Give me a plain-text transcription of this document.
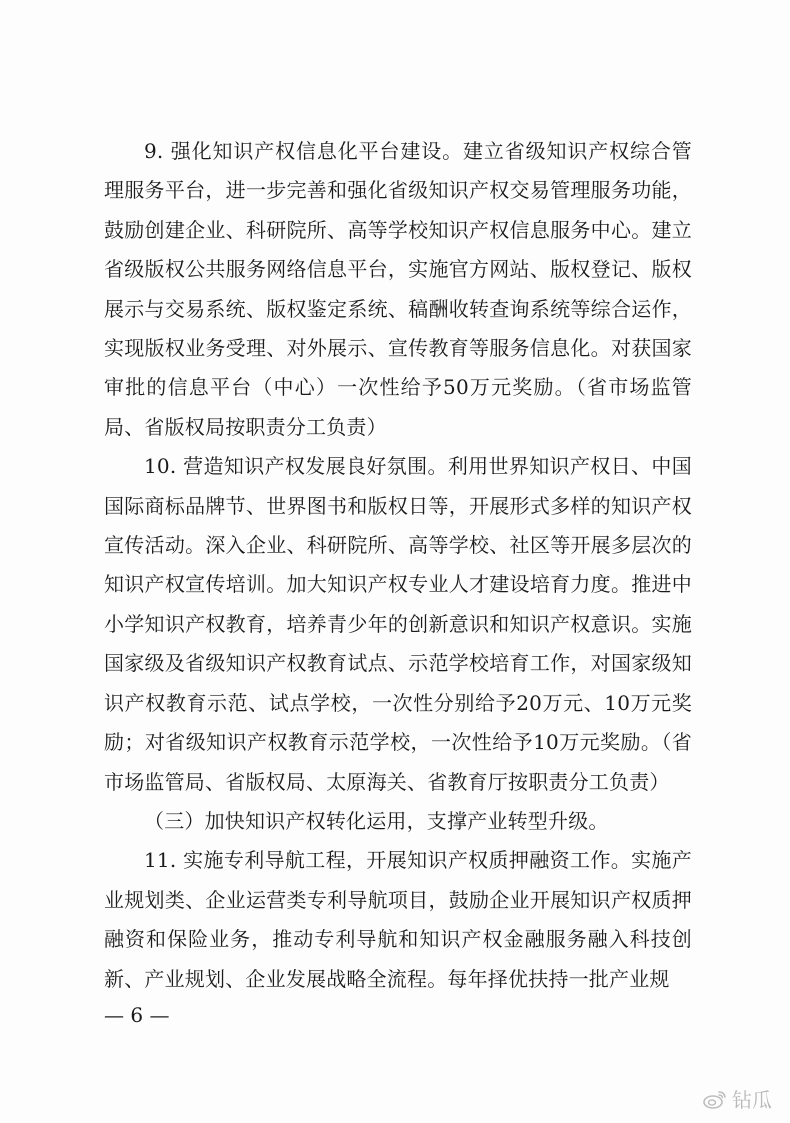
9. 强化知识产权信息化平台建设。建立省级知识产权综合管理服务平台，进一步完善和强化省级知识产权交易管理服务功能，鼓励创建企业、科研院所、高等学校知识产权信息服务中心。建立省级版权公共服务网络信息平台，实施官方网站、版权登记、版权展示与交易系统、版权鉴定系统、稿酬收转查询系统等综合运作，实现版权业务受理、对外展示、宣传教育等服务信息化。对获国家审批的信息平台（中心）一次性给予50万元奖励。（省市场监管局、省版权局按职责分工负责）

10. 营造知识产权发展良好氛围。利用世界知识产权日、中国国际商标品牌节、世界图书和版权日等，开展形式多样的知识产权宣传活动。深入企业、科研院所、高等学校、社区等开展多层次的知识产权宣传培训。加大知识产权专业人才建设培育力度。推进中小学知识产权教育，培养青少年的创新意识和知识产权意识。实施国家级及省级知识产权教育试点、示范学校培育工作，对国家级知识产权教育示范、试点学校，一次性分别给予20万元、10万元奖励；对省级知识产权教育示范学校，一次性给予10万元奖励。（省市场监管局、省版权局、太原海关、省教育厅按职责分工负责）

（三）加快知识产权转化运用，支撑产业转型升级。

11. 实施专利导航工程，开展知识产权质押融资工作。实施产业规划类、企业运营类专利导航项目，鼓励企业开展知识产权质押融资和保险业务，推动专利导航和知识产权金融服务融入科技创新、产业规划、企业发展战略全流程。每年择优扶持一批产业规

— 6 —
钻瓜
